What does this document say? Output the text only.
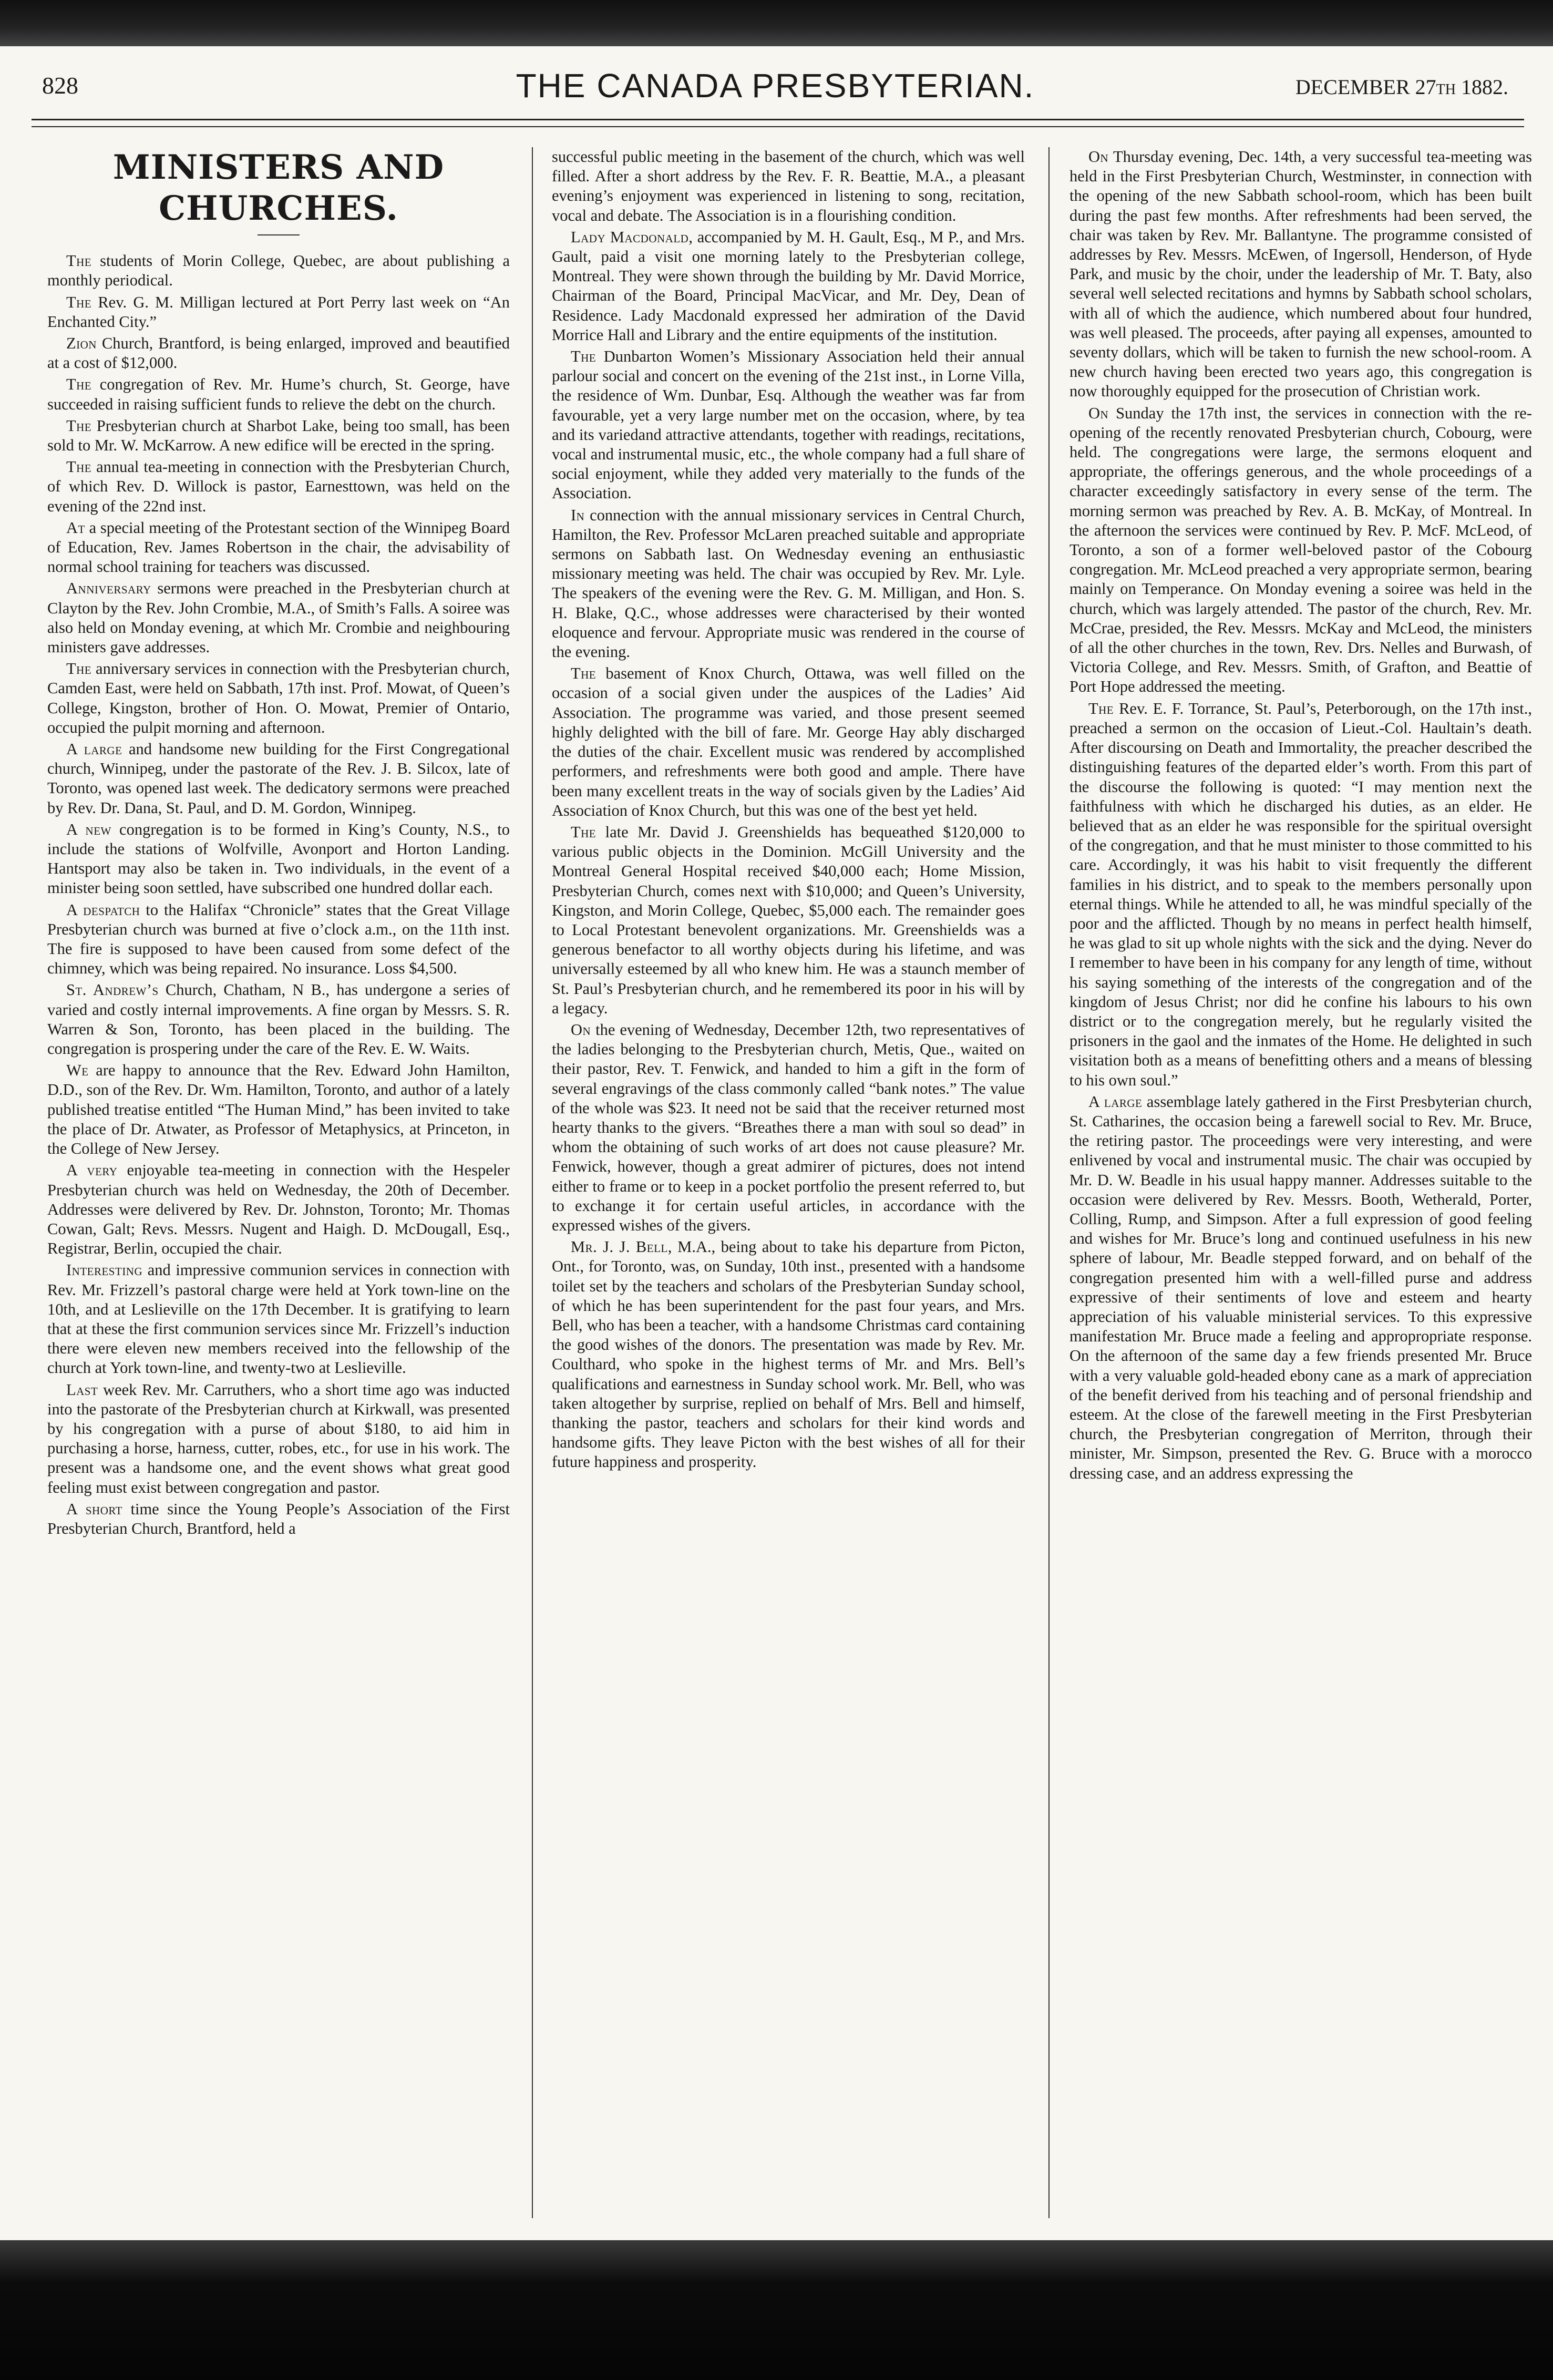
828	THE CANADA PRESBYTERIAN.	DECEMBER 27th 1882.
MINISTERS AND CHURCHES.

The students of Morin College, Quebec, are about publishing a monthly periodical.

The Rev. G. M. Milligan lectured at Port Perry last week on “An Enchanted City.”

Zion Church, Brantford, is being enlarged, improved and beautified at a cost of $12,000.

The congregation of Rev. Mr. Hume’s church, St. George, have succeeded in raising sufficient funds to relieve the debt on the church.

The Presbyterian church at Sharbot Lake, being too small, has been sold to Mr. W. McKarrow. A new edifice will be erected in the spring.

The annual tea-meeting in connection with the Presbyterian Church, of which Rev. D. Willock is pastor, Earnesttown, was held on the evening of the 22nd inst.

At a special meeting of the Protestant section of the Winnipeg Board of Education, Rev. James Robertson in the chair, the advisability of normal school training for teachers was discussed.

Anniversary sermons were preached in the Presbyterian church at Clayton by the Rev. John Crombie, M.A., of Smith’s Falls. A soiree was also held on Monday evening, at which Mr. Crombie and neighbouring ministers gave addresses.

The anniversary services in connection with the Presbyterian church, Camden East, were held on Sabbath, 17th inst. Prof. Mowat, of Queen’s College, Kingston, brother of Hon. O. Mowat, Premier of Ontario, occupied the pulpit morning and afternoon.

A large and handsome new building for the First Congregational church, Winnipeg, under the pastorate of the Rev. J. B. Silcox, late of Toronto, was opened last week. The dedicatory sermons were preached by Rev. Dr. Dana, St. Paul, and D. M. Gordon, Winnipeg.

A new congregation is to be formed in King’s County, N.S., to include the stations of Wolfville, Avonport and Horton Landing. Hantsport may also be taken in. Two individuals, in the event of a minister being soon settled, have subscribed one hundred dollar each.

A despatch to the Halifax “Chronicle” states that the Great Village Presbyterian church was burned at five o’clock a.m., on the 11th inst. The fire is supposed to have been caused from some defect of the chimney, which was being repaired. No insurance. Loss $4,500.

St. Andrew’s Church, Chatham, N B., has undergone a series of varied and costly internal improvements. A fine organ by Messrs. S. R. Warren & Son, Toronto, has been placed in the building. The congregation is prospering under the care of the Rev. E. W. Waits.

We are happy to announce that the Rev. Edward John Hamilton, D.D., son of the Rev. Dr. Wm. Hamilton, Toronto, and author of a lately published treatise entitled “The Human Mind,” has been invited to take the place of Dr. Atwater, as Professor of Metaphysics, at Princeton, in the College of New Jersey.

A very enjoyable tea-meeting in connection with the Hespeler Presbyterian church was held on Wednesday, the 20th of December. Addresses were delivered by Rev. Dr. Johnston, Toronto; Mr. Thomas Cowan, Galt; Revs. Messrs. Nugent and Haigh. D. McDougall, Esq., Registrar, Berlin, occupied the chair.

Interesting and impressive communion services in connection with Rev. Mr. Frizzell’s pastoral charge were held at York town-line on the 10th, and at Leslieville on the 17th December. It is gratifying to learn that at these the first communion services since Mr. Frizzell’s induction there were eleven new members received into the fellowship of the church at York town-line, and twenty-two at Leslieville.

Last week Rev. Mr. Carruthers, who a short time ago was inducted into the pastorate of the Presbyterian church at Kirkwall, was presented by his congregation with a purse of about $180, to aid him in purchasing a horse, harness, cutter, robes, etc., for use in his work. The present was a handsome one, and the event shows what great good feeling must exist between congregation and pastor.

A short time since the Young People’s Association of the First Presbyterian Church, Brantford, held a

successful public meeting in the basement of the church, which was well filled. After a short address by the Rev. F. R. Beattie, M.A., a pleasant evening’s enjoyment was experienced in listening to song, recitation, vocal and debate. The Association is in a flourishing condition.

Lady Macdonald, accompanied by M. H. Gault, Esq., M P., and Mrs. Gault, paid a visit one morning lately to the Presbyterian college, Montreal. They were shown through the building by Mr. David Morrice, Chairman of the Board, Principal MacVicar, and Mr. Dey, Dean of Residence. Lady Macdonald expressed her admiration of the David Morrice Hall and Library and the entire equipments of the institution.

The Dunbarton Women’s Missionary Association held their annual parlour social and concert on the evening of the 21st inst., in Lorne Villa, the residence of Wm. Dunbar, Esq. Although the weather was far from favourable, yet a very large number met on the occasion, where, by tea and its variedand attractive attendants, together with readings, recitations, vocal and instrumental music, etc., the whole company had a full share of social enjoyment, while they added very materially to the funds of the Association.

In connection with the annual missionary services in Central Church, Hamilton, the Rev. Professor McLaren preached suitable and appropriate sermons on Sabbath last. On Wednesday evening an enthusiastic missionary meeting was held. The chair was occupied by Rev. Mr. Lyle. The speakers of the evening were the Rev. G. M. Milligan, and Hon. S. H. Blake, Q.C., whose addresses were characterised by their wonted eloquence and fervour. Appropriate music was rendered in the course of the evening.

The basement of Knox Church, Ottawa, was well filled on the occasion of a social given under the auspices of the Ladies’ Aid Association. The programme was varied, and those present seemed highly delighted with the bill of fare. Mr. George Hay ably discharged the duties of the chair. Excellent music was rendered by accomplished performers, and refreshments were both good and ample. There have been many excellent treats in the way of socials given by the Ladies’ Aid Association of Knox Church, but this was one of the best yet held.

The late Mr. David J. Greenshields has bequeathed $120,000 to various public objects in the Dominion. McGill University and the Montreal General Hospital received $40,000 each; Home Mission, Presbyterian Church, comes next with $10,000; and Queen’s University, Kingston, and Morin College, Quebec, $5,000 each. The remainder goes to Local Protestant benevolent organizations. Mr. Greenshields was a generous benefactor to all worthy objects during his lifetime, and was universally esteemed by all who knew him. He was a staunch member of St. Paul’s Presbyterian church, and he remembered its poor in his will by a legacy.

On the evening of Wednesday, December 12th, two representatives of the ladies belonging to the Presbyterian church, Metis, Que., waited on their pastor, Rev. T. Fenwick, and handed to him a gift in the form of several engravings of the class commonly called “bank notes.” The value of the whole was $23. It need not be said that the receiver returned most hearty thanks to the givers. “Breathes there a man with soul so dead” in whom the obtaining of such works of art does not cause pleasure? Mr. Fenwick, however, though a great admirer of pictures, does not intend either to frame or to keep in a pocket portfolio the present referred to, but to exchange it for certain useful articles, in accordance with the expressed wishes of the givers.

Mr. J. J. Bell, M.A., being about to take his departure from Picton, Ont., for Toronto, was, on Sunday, 10th inst., presented with a handsome toilet set by the teachers and scholars of the Presbyterian Sunday school, of which he has been superintendent for the past four years, and Mrs. Bell, who has been a teacher, with a handsome Christmas card containing the good wishes of the donors. The presentation was made by Rev. Mr. Coulthard, who spoke in the highest terms of Mr. and Mrs. Bell’s qualifications and earnestness in Sunday school work. Mr. Bell, who was taken altogether by surprise, replied on behalf of Mrs. Bell and himself, thanking the pastor, teachers and scholars for their kind words and handsome gifts. They leave Picton with the best wishes of all for their future happiness and prosperity.

On Thursday evening, Dec. 14th, a very successful tea-meeting was held in the First Presbyterian Church, Westminster, in connection with the opening of the new Sabbath school-room, which has been built during the past few months. After refreshments had been served, the chair was taken by Rev. Mr. Ballantyne. The programme consisted of addresses by Rev. Messrs. McEwen, of Ingersoll, Henderson, of Hyde Park, and music by the choir, under the leadership of Mr. T. Baty, also several well selected recitations and hymns by Sabbath school scholars, with all of which the audience, which numbered about four hundred, was well pleased. The proceeds, after paying all expenses, amounted to seventy dollars, which will be taken to furnish the new school-room. A new church having been erected two years ago, this congregation is now thoroughly equipped for the prosecution of Christian work.

On Sunday the 17th inst, the services in connection with the re-opening of the recently renovated Presbyterian church, Cobourg, were held. The congregations were large, the sermons eloquent and appropriate, the offerings generous, and the whole proceedings of a character exceedingly satisfactory in every sense of the term. The morning sermon was preached by Rev. A. B. McKay, of Montreal. In the afternoon the services were continued by Rev. P. McF. McLeod, of Toronto, a son of a former well-beloved pastor of the Cobourg congregation. Mr. McLeod preached a very appropriate sermon, bearing mainly on Temperance. On Monday evening a soiree was held in the church, which was largely attended. The pastor of the church, Rev. Mr. McCrae, presided, the Rev. Messrs. McKay and McLeod, the ministers of all the other churches in the town, Rev. Drs. Nelles and Burwash, of Victoria College, and Rev. Messrs. Smith, of Grafton, and Beattie of Port Hope addressed the meeting.

The Rev. E. F. Torrance, St. Paul’s, Peterborough, on the 17th inst., preached a sermon on the occasion of Lieut.-Col. Haultain’s death. After discoursing on Death and Immortality, the preacher described the distinguishing features of the departed elder’s worth. From this part of the discourse the following is quoted: “I may mention next the faithfulness with which he discharged his duties, as an elder. He believed that as an elder he was responsible for the spiritual oversight of the congregation, and that he must minister to those committed to his care. Accordingly, it was his habit to visit frequently the different families in his district, and to speak to the members personally upon eternal things. While he attended to all, he was mindful specially of the poor and the afflicted. Though by no means in perfect health himself, he was glad to sit up whole nights with the sick and the dying. Never do I remember to have been in his company for any length of time, without his saying something of the interests of the congregation and of the kingdom of Jesus Christ; nor did he confine his labours to his own district or to the congregation merely, but he regularly visited the prisoners in the gaol and the inmates of the Home. He delighted in such visitation both as a means of benefitting others and a means of blessing to his own soul.”

A large assemblage lately gathered in the First Presbyterian church, St. Catharines, the occasion being a farewell social to Rev. Mr. Bruce, the retiring pastor. The proceedings were very interesting, and were enlivened by vocal and instrumental music. The chair was occupied by Mr. D. W. Beadle in his usual happy manner. Addresses suitable to the occasion were delivered by Rev. Messrs. Booth, Wetherald, Porter, Colling, Rump, and Simpson. After a full expression of good feeling and wishes for Mr. Bruce’s long and continued usefulness in his new sphere of labour, Mr. Beadle stepped forward, and on behalf of the congregation presented him with a well-filled purse and address expressive of their sentiments of love and esteem and hearty appreciation of his valuable ministerial services. To this expressive manifestation Mr. Bruce made a feeling and appropropriate response. On the afternoon of the same day a few friends presented Mr. Bruce with a very valuable gold-headed ebony cane as a mark of appreciation of the benefit derived from his teaching and of personal friendship and esteem. At the close of the farewell meeting in the First Presbyterian church, the Presbyterian congregation of Merriton, through their minister, Mr. Simpson, presented the Rev. G. Bruce with a morocco dressing case, and an address expressing the
